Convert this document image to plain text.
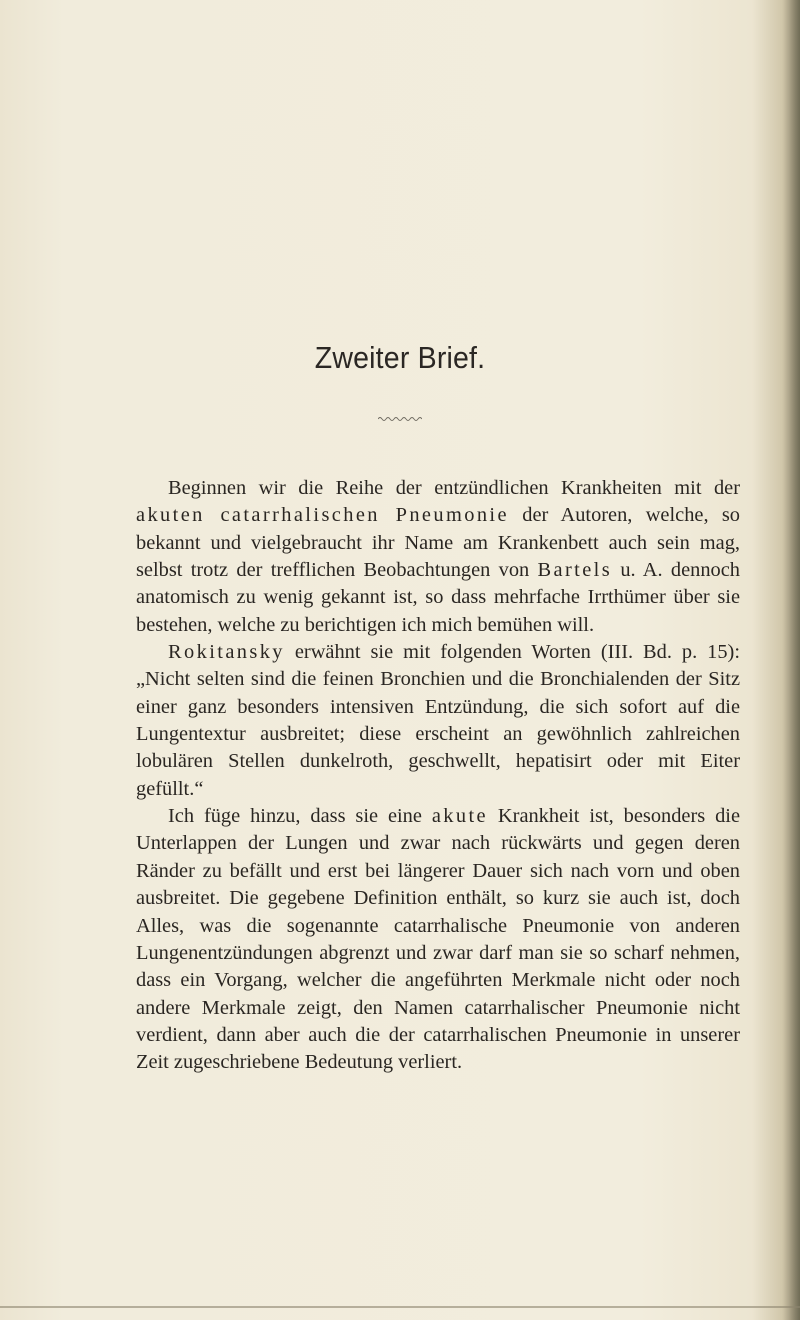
Zweiter Brief.

Beginnen wir die Reihe der entzündlichen Krankheiten mit der akuten catarrhalischen Pneumonie der Autoren, welche, so bekannt und vielgebraucht ihr Name am Krankenbett auch sein mag, selbst trotz der trefflichen Beobachtungen von Bartels u. A. dennoch anatomisch zu wenig gekannt ist, so dass mehrfache Irrthümer über sie bestehen, welche zu berichtigen ich mich bemühen will.

Rokitansky erwähnt sie mit folgenden Worten (III. Bd. p. 15): „Nicht selten sind die feinen Bronchien und die Bronchialenden der Sitz einer ganz besonders intensiven Entzündung, die sich sofort auf die Lungentextur ausbreitet; diese erscheint an gewöhnlich zahlreichen lobulären Stellen dunkelroth, geschwellt, hepatisirt oder mit Eiter gefüllt.“

Ich füge hinzu, dass sie eine akute Krankheit ist, besonders die Unterlappen der Lungen und zwar nach rückwärts und gegen deren Ränder zu befällt und erst bei längerer Dauer sich nach vorn und oben ausbreitet. Die gegebene Definition enthält, so kurz sie auch ist, doch Alles, was die sogenannte catarrhalische Pneumonie von anderen Lungenentzündungen abgrenzt und zwar darf man sie so scharf nehmen, dass ein Vorgang, welcher die angeführten Merkmale nicht oder noch andere Merkmale zeigt, den Namen catarrhalischer Pneumonie nicht verdient, dann aber auch die der catarrhalischen Pneumonie in unserer Zeit zugeschriebene Bedeutung verliert.
